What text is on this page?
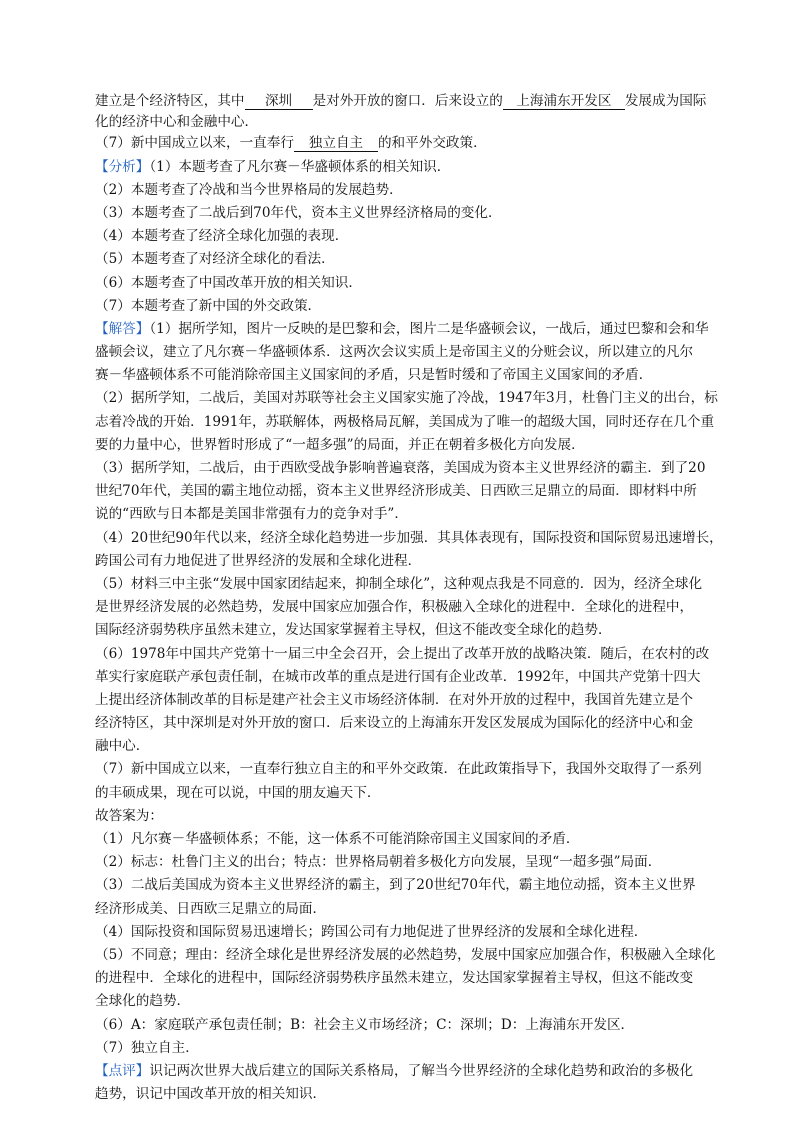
建立是个经济特区，其中 深圳 是对外开放的窗口．后来设立的 上海浦东开发区 发展成为国际
化的经济中心和金融中心．
（7）新中国成立以来，一直奉行 独立自主 的和平外交政策．
【分析】（1）本题考查了凡尔赛－华盛顿体系的相关知识．
（2）本题考查了冷战和当今世界格局的发展趋势．
（3）本题考查了二战后到70年代，资本主义世界经济格局的变化．
（4）本题考查了经济全球化加强的表现．
（5）本题考查了对经济全球化的看法．
（6）本题考查了中国改革开放的相关知识．
（7）本题考查了新中国的外交政策．
【解答】（1）据所学知，图片一反映的是巴黎和会，图片二是华盛顿会议，一战后，通过巴黎和会和华
盛顿会议，建立了凡尔赛－华盛顿体系．这两次会议实质上是帝国主义的分赃会议，所以建立的凡尔
赛－华盛顿体系不可能消除帝国主义国家间的矛盾，只是暂时缓和了帝国主义国家间的矛盾．
（2）据所学知，二战后，美国对苏联等社会主义国家实施了冷战，1947年3月，杜鲁门主义的出台，标
志着冷战的开始．1991年，苏联解体，两极格局瓦解，美国成为了唯一的超级大国，同时还存在几个重
要的力量中心，世界暂时形成了“一超多强”的局面，并正在朝着多极化方向发展．
（3）据所学知，二战后，由于西欧受战争影响普遍衰落，美国成为资本主义世界经济的霸主．到了20
世纪70年代，美国的霸主地位动摇，资本主义世界经济形成美、日西欧三足鼎立的局面．即材料中所
说的“西欧与日本都是美国非常强有力的竞争对手”．
（4）20世纪90年代以来，经济全球化趋势进一步加强．其具体表现有，国际投资和国际贸易迅速增长，
跨国公司有力地促进了世界经济的发展和全球化进程．
（5）材料三中主张“发展中国家团结起来，抑制全球化”，这种观点我是不同意的．因为，经济全球化
是世界经济发展的必然趋势，发展中国家应加强合作，积极融入全球化的进程中．全球化的进程中，
国际经济弱势秩序虽然未建立，发达国家掌握着主导权，但这不能改变全球化的趋势．
（6）1978年中国共产党第十一届三中全会召开，会上提出了改革开放的战略决策．随后，在农村的改
革实行家庭联产承包责任制，在城市改革的重点是进行国有企业改革．1992年，中国共产党第十四大
上提出经济体制改革的目标是建产社会主义市场经济体制．在对外开放的过程中，我国首先建立是个
经济特区，其中深圳是对外开放的窗口．后来设立的上海浦东开发区发展成为国际化的经济中心和金
融中心．
（7）新中国成立以来，一直奉行独立自主的和平外交政策．在此政策指导下，我国外交取得了一系列
的丰硕成果，现在可以说，中国的朋友遍天下．
故答案为：
（1）凡尔赛－华盛顿体系；不能，这一体系不可能消除帝国主义国家间的矛盾．
（2）标志：杜鲁门主义的出台；特点：世界格局朝着多极化方向发展，呈现“一超多强”局面．
（3）二战后美国成为资本主义世界经济的霸主，到了20世纪70年代，霸主地位动摇，资本主义世界
经济形成美、日西欧三足鼎立的局面．
（4）国际投资和国际贸易迅速增长；跨国公司有力地促进了世界经济的发展和全球化进程．
（5）不同意；理由：经济全球化是世界经济发展的必然趋势，发展中国家应加强合作，积极融入全球化
的进程中．全球化的进程中，国际经济弱势秩序虽然未建立，发达国家掌握着主导权，但这不能改变
全球化的趋势．
（6）A：家庭联产承包责任制；B：社会主义市场经济；C：深圳；D：上海浦东开发区．
（7）独立自主．
【点评】识记两次世界大战后建立的国际关系格局，了解当今世界经济的全球化趋势和政治的多极化
趋势，识记中国改革开放的相关知识．
